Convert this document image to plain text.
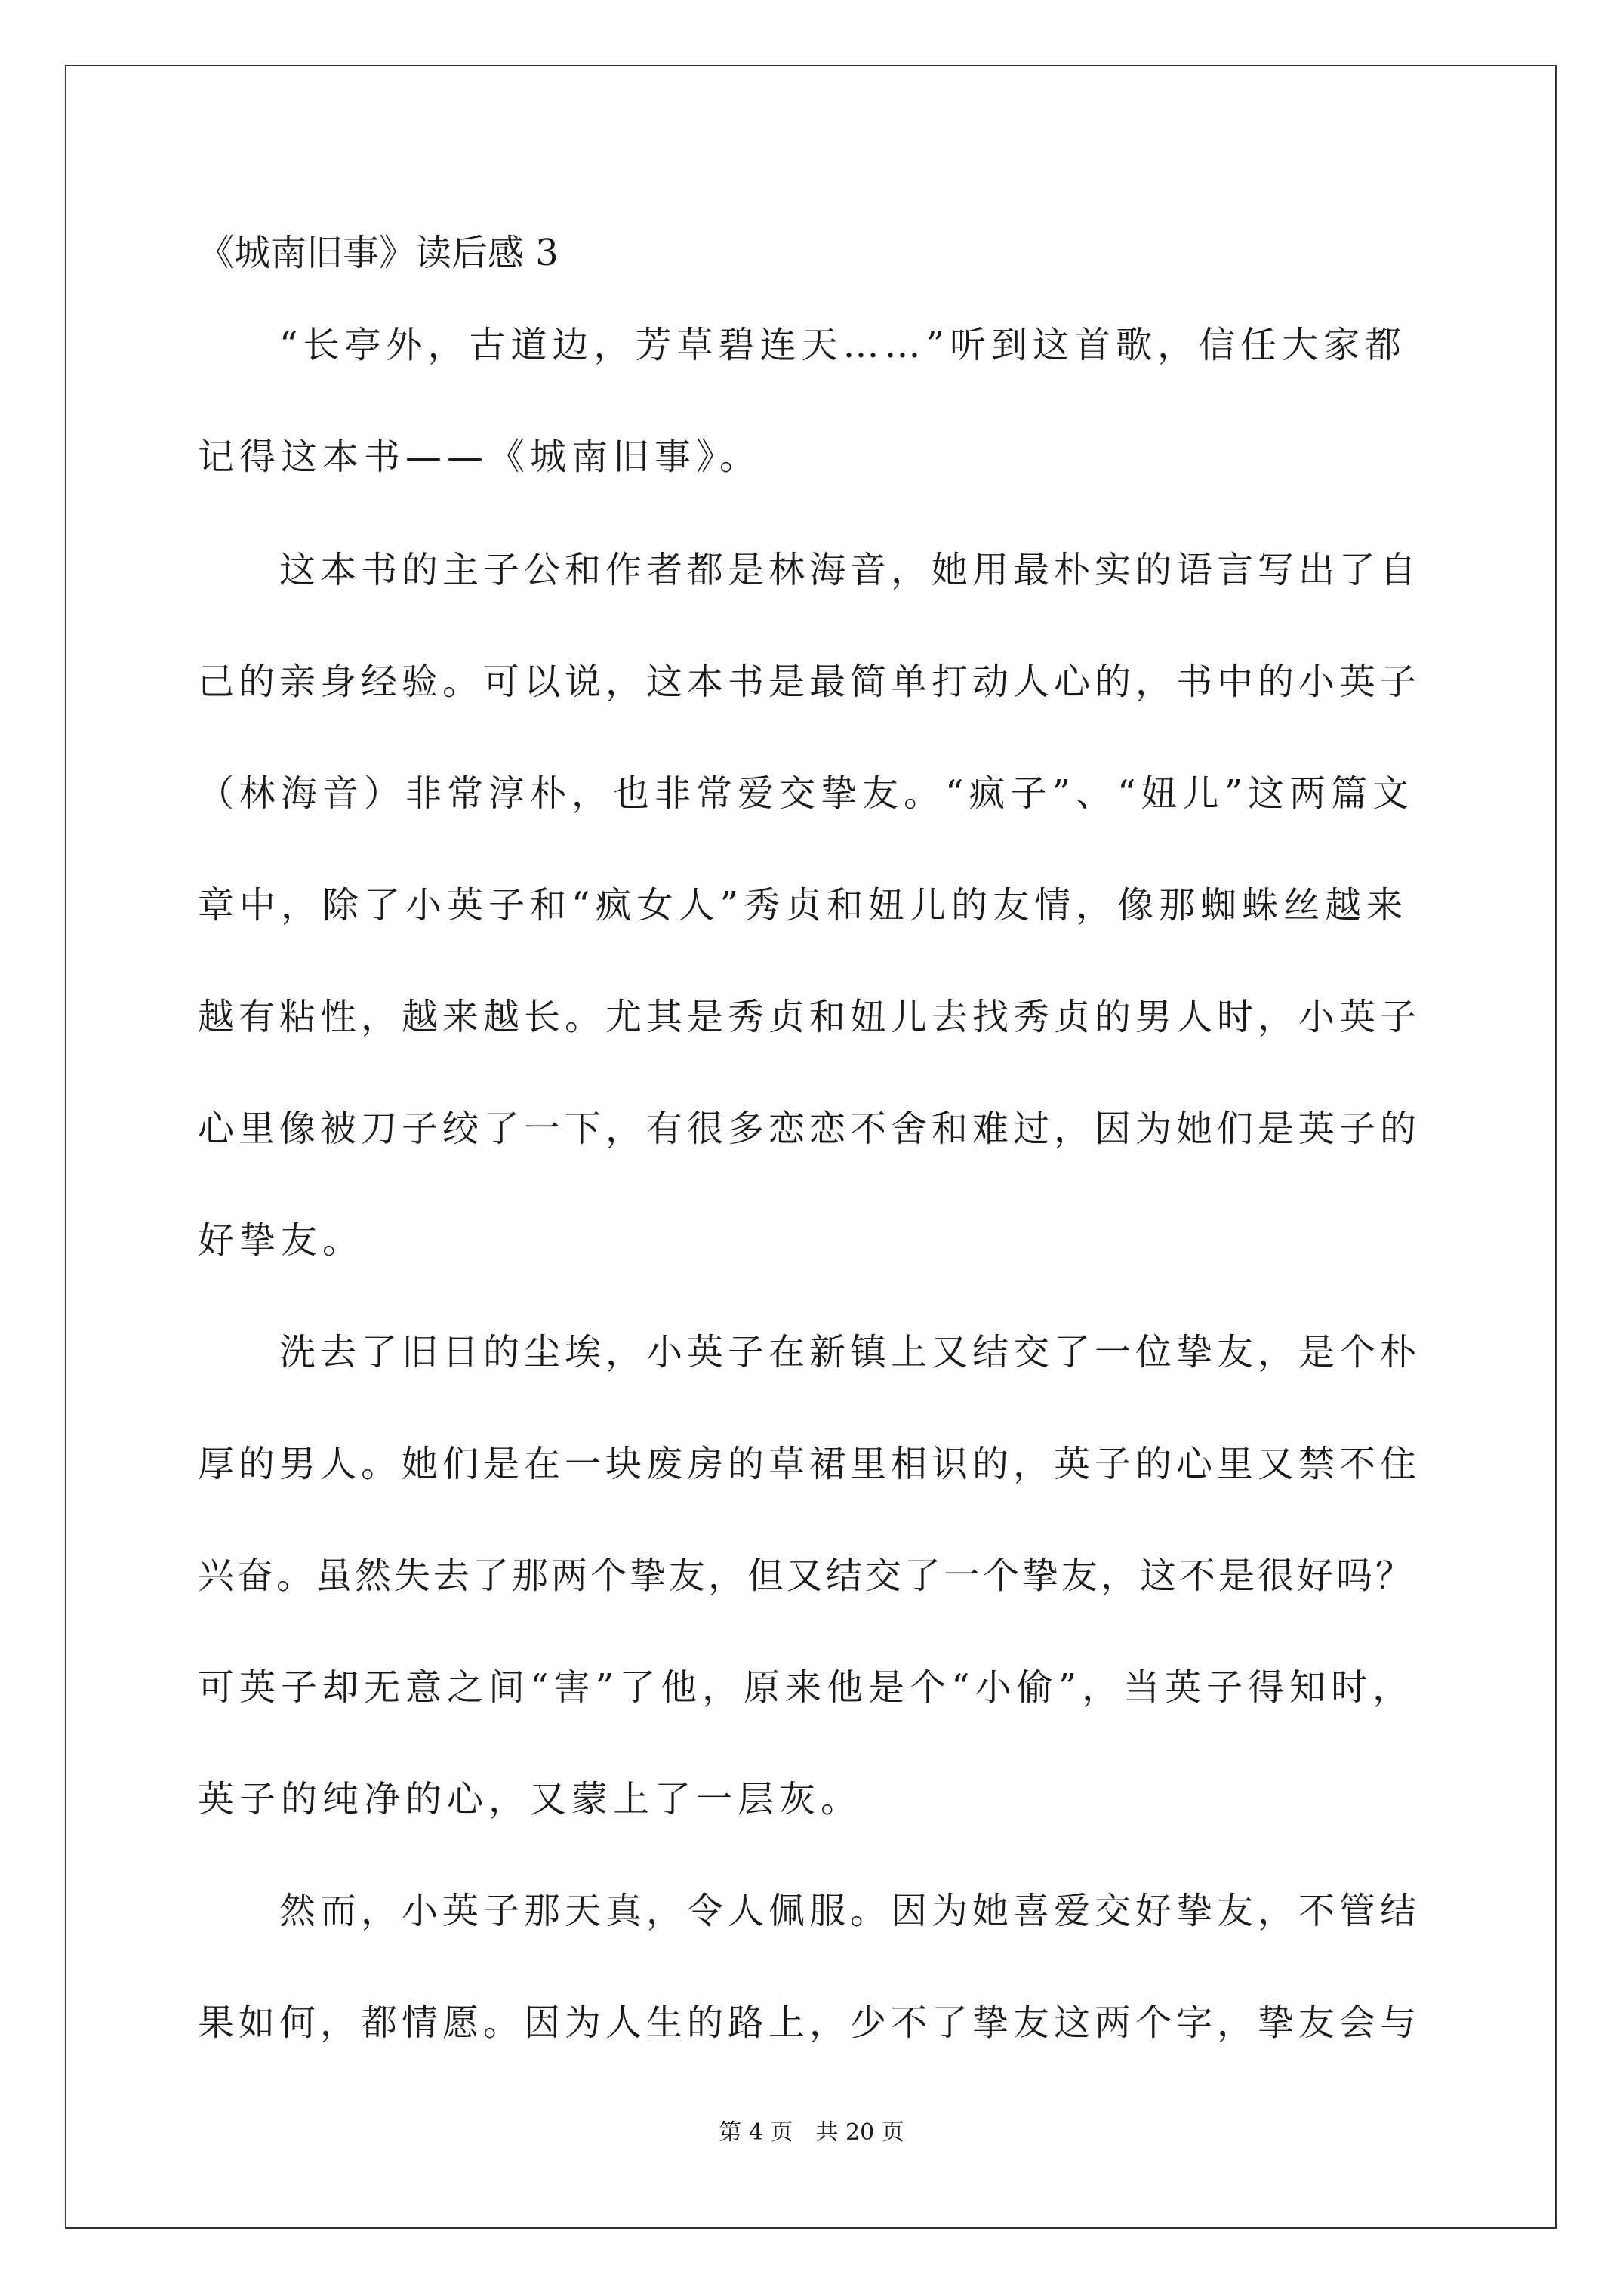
《城南旧事》读后感 3
“长亭外，古道边，芳草碧连天……”听到这首歌，信任大家都
记得这本书——《城南旧事》。
这本书的主子公和作者都是林海音，她用最朴实的语言写出了自
己的亲身经验。可以说，这本书是最简单打动人心的，书中的小英子
（林海音）非常淳朴，也非常爱交挚友。“疯子”、“妞儿”这两篇文
章中，除了小英子和“疯女人”秀贞和妞儿的友情，像那蜘蛛丝越来
越有粘性，越来越长。尤其是秀贞和妞儿去找秀贞的男人时，小英子
心里像被刀子绞了一下，有很多恋恋不舍和难过，因为她们是英子的
好挚友。
洗去了旧日的尘埃，小英子在新镇上又结交了一位挚友，是个朴
厚的男人。她们是在一块废房的草裙里相识的，英子的心里又禁不住
兴奋。虽然失去了那两个挚友，但又结交了一个挚友，这不是很好吗？
可英子却无意之间“害”了他，原来他是个“小偷”，当英子得知时，
英子的纯净的心，又蒙上了一层灰。
然而，小英子那天真，令人佩服。因为她喜爱交好挚友，不管结
果如何，都情愿。因为人生的路上，少不了挚友这两个字，挚友会与
第 4 页　共 20 页
